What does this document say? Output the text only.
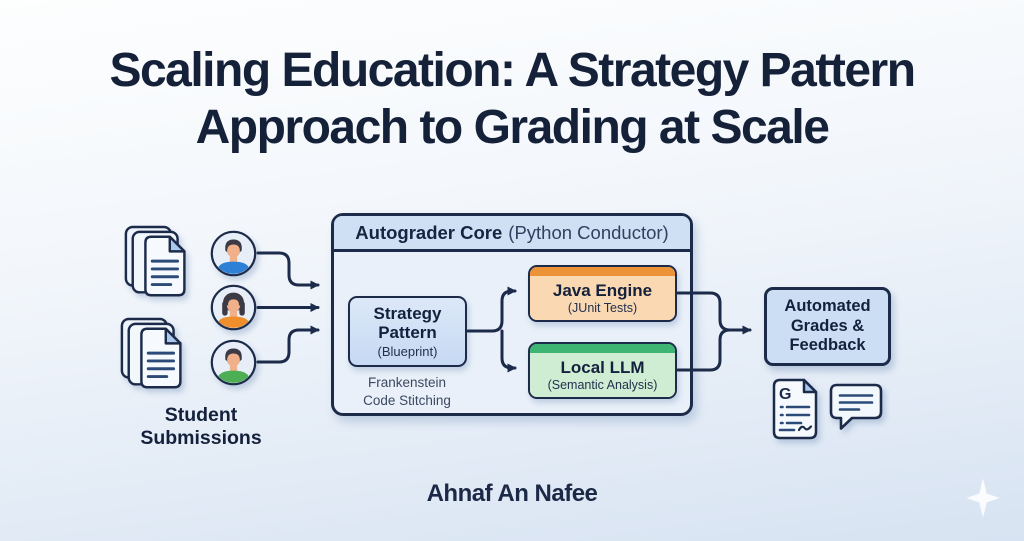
Scaling Education: A Strategy Pattern
Approach to Grading at Scale
Student
Submissions
Autograder Core (Python Conductor)
Strategy
Pattern
(Blueprint)
Frankenstein
Code Stitching
Java Engine
(JUnit Tests)
Local LLM
(Semantic Analysis)
Automated
Grades &
Feedback
G
Ahnaf An Nafee
